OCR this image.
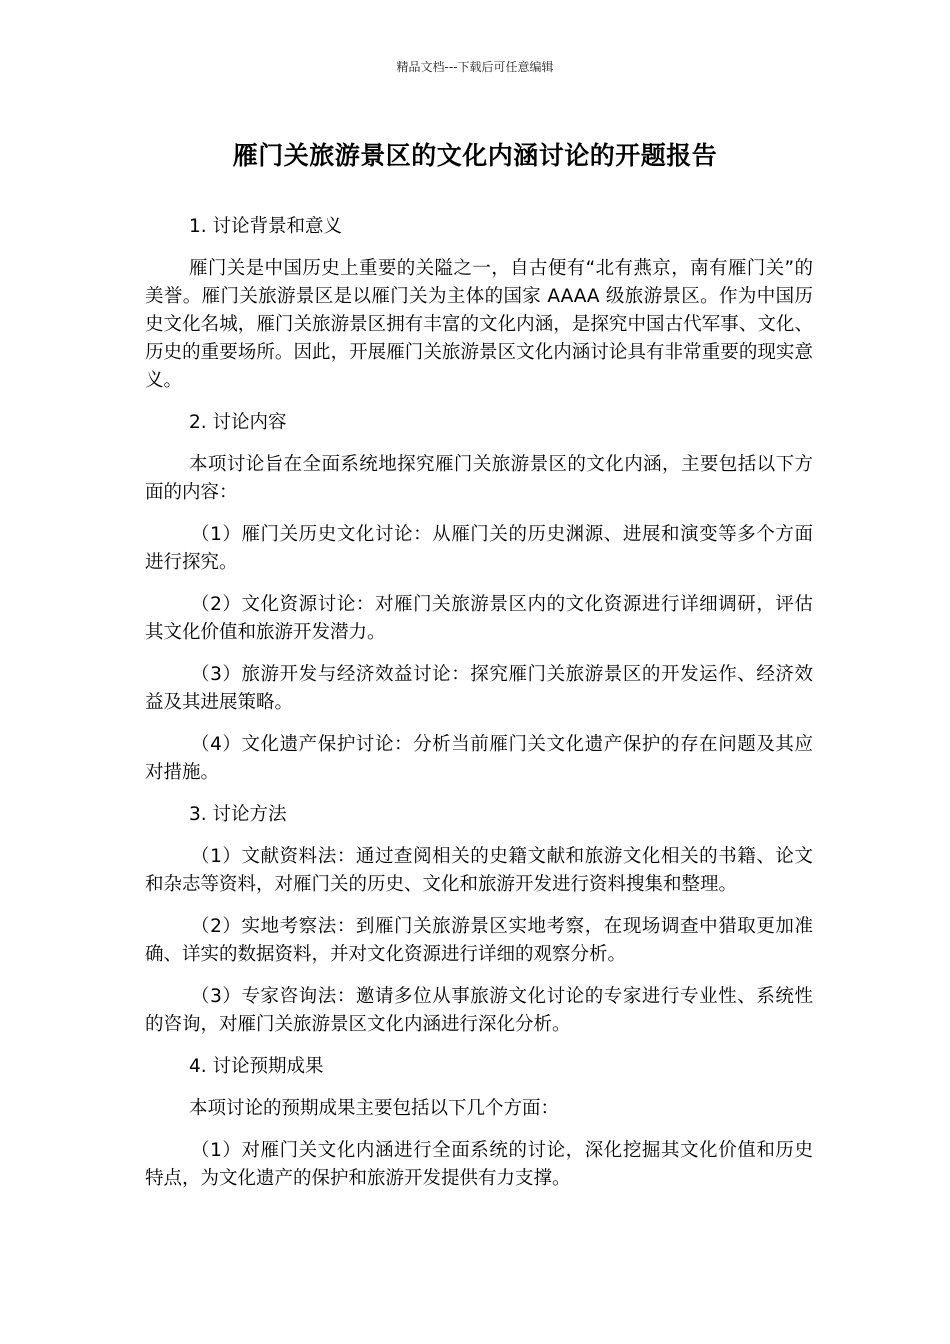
精品文档---下载后可任意编辑
雁门关旅游景区的文化内涵讨论的开题报告

1. 讨论背景和意义

雁门关是中国历史上重要的关隘之一，自古便有“北有燕京，南有雁门关”的美誉。雁门关旅游景区是以雁门关为主体的国家 AAAA 级旅游景区。作为中国历史文化名城，雁门关旅游景区拥有丰富的文化内涵，是探究中国古代军事、文化、历史的重要场所。因此，开展雁门关旅游景区文化内涵讨论具有非常重要的现实意义。

2. 讨论内容

本项讨论旨在全面系统地探究雁门关旅游景区的文化内涵，主要包括以下方面的内容：

（1）雁门关历史文化讨论：从雁门关的历史渊源、进展和演变等多个方面进行探究。

（2）文化资源讨论：对雁门关旅游景区内的文化资源进行详细调研，评估其文化价值和旅游开发潜力。

（3）旅游开发与经济效益讨论：探究雁门关旅游景区的开发运作、经济效益及其进展策略。

（4）文化遗产保护讨论：分析当前雁门关文化遗产保护的存在问题及其应对措施。

3. 讨论方法

（1）文献资料法：通过查阅相关的史籍文献和旅游文化相关的书籍、论文和杂志等资料，对雁门关的历史、文化和旅游开发进行资料搜集和整理。

（2）实地考察法：到雁门关旅游景区实地考察，在现场调查中猎取更加准确、详实的数据资料，并对文化资源进行详细的观察分析。

（3）专家咨询法：邀请多位从事旅游文化讨论的专家进行专业性、系统性的咨询，对雁门关旅游景区文化内涵进行深化分析。

4. 讨论预期成果

本项讨论的预期成果主要包括以下几个方面：

（1）对雁门关文化内涵进行全面系统的讨论，深化挖掘其文化价值和历史特点，为文化遗产的保护和旅游开发提供有力支撑。
